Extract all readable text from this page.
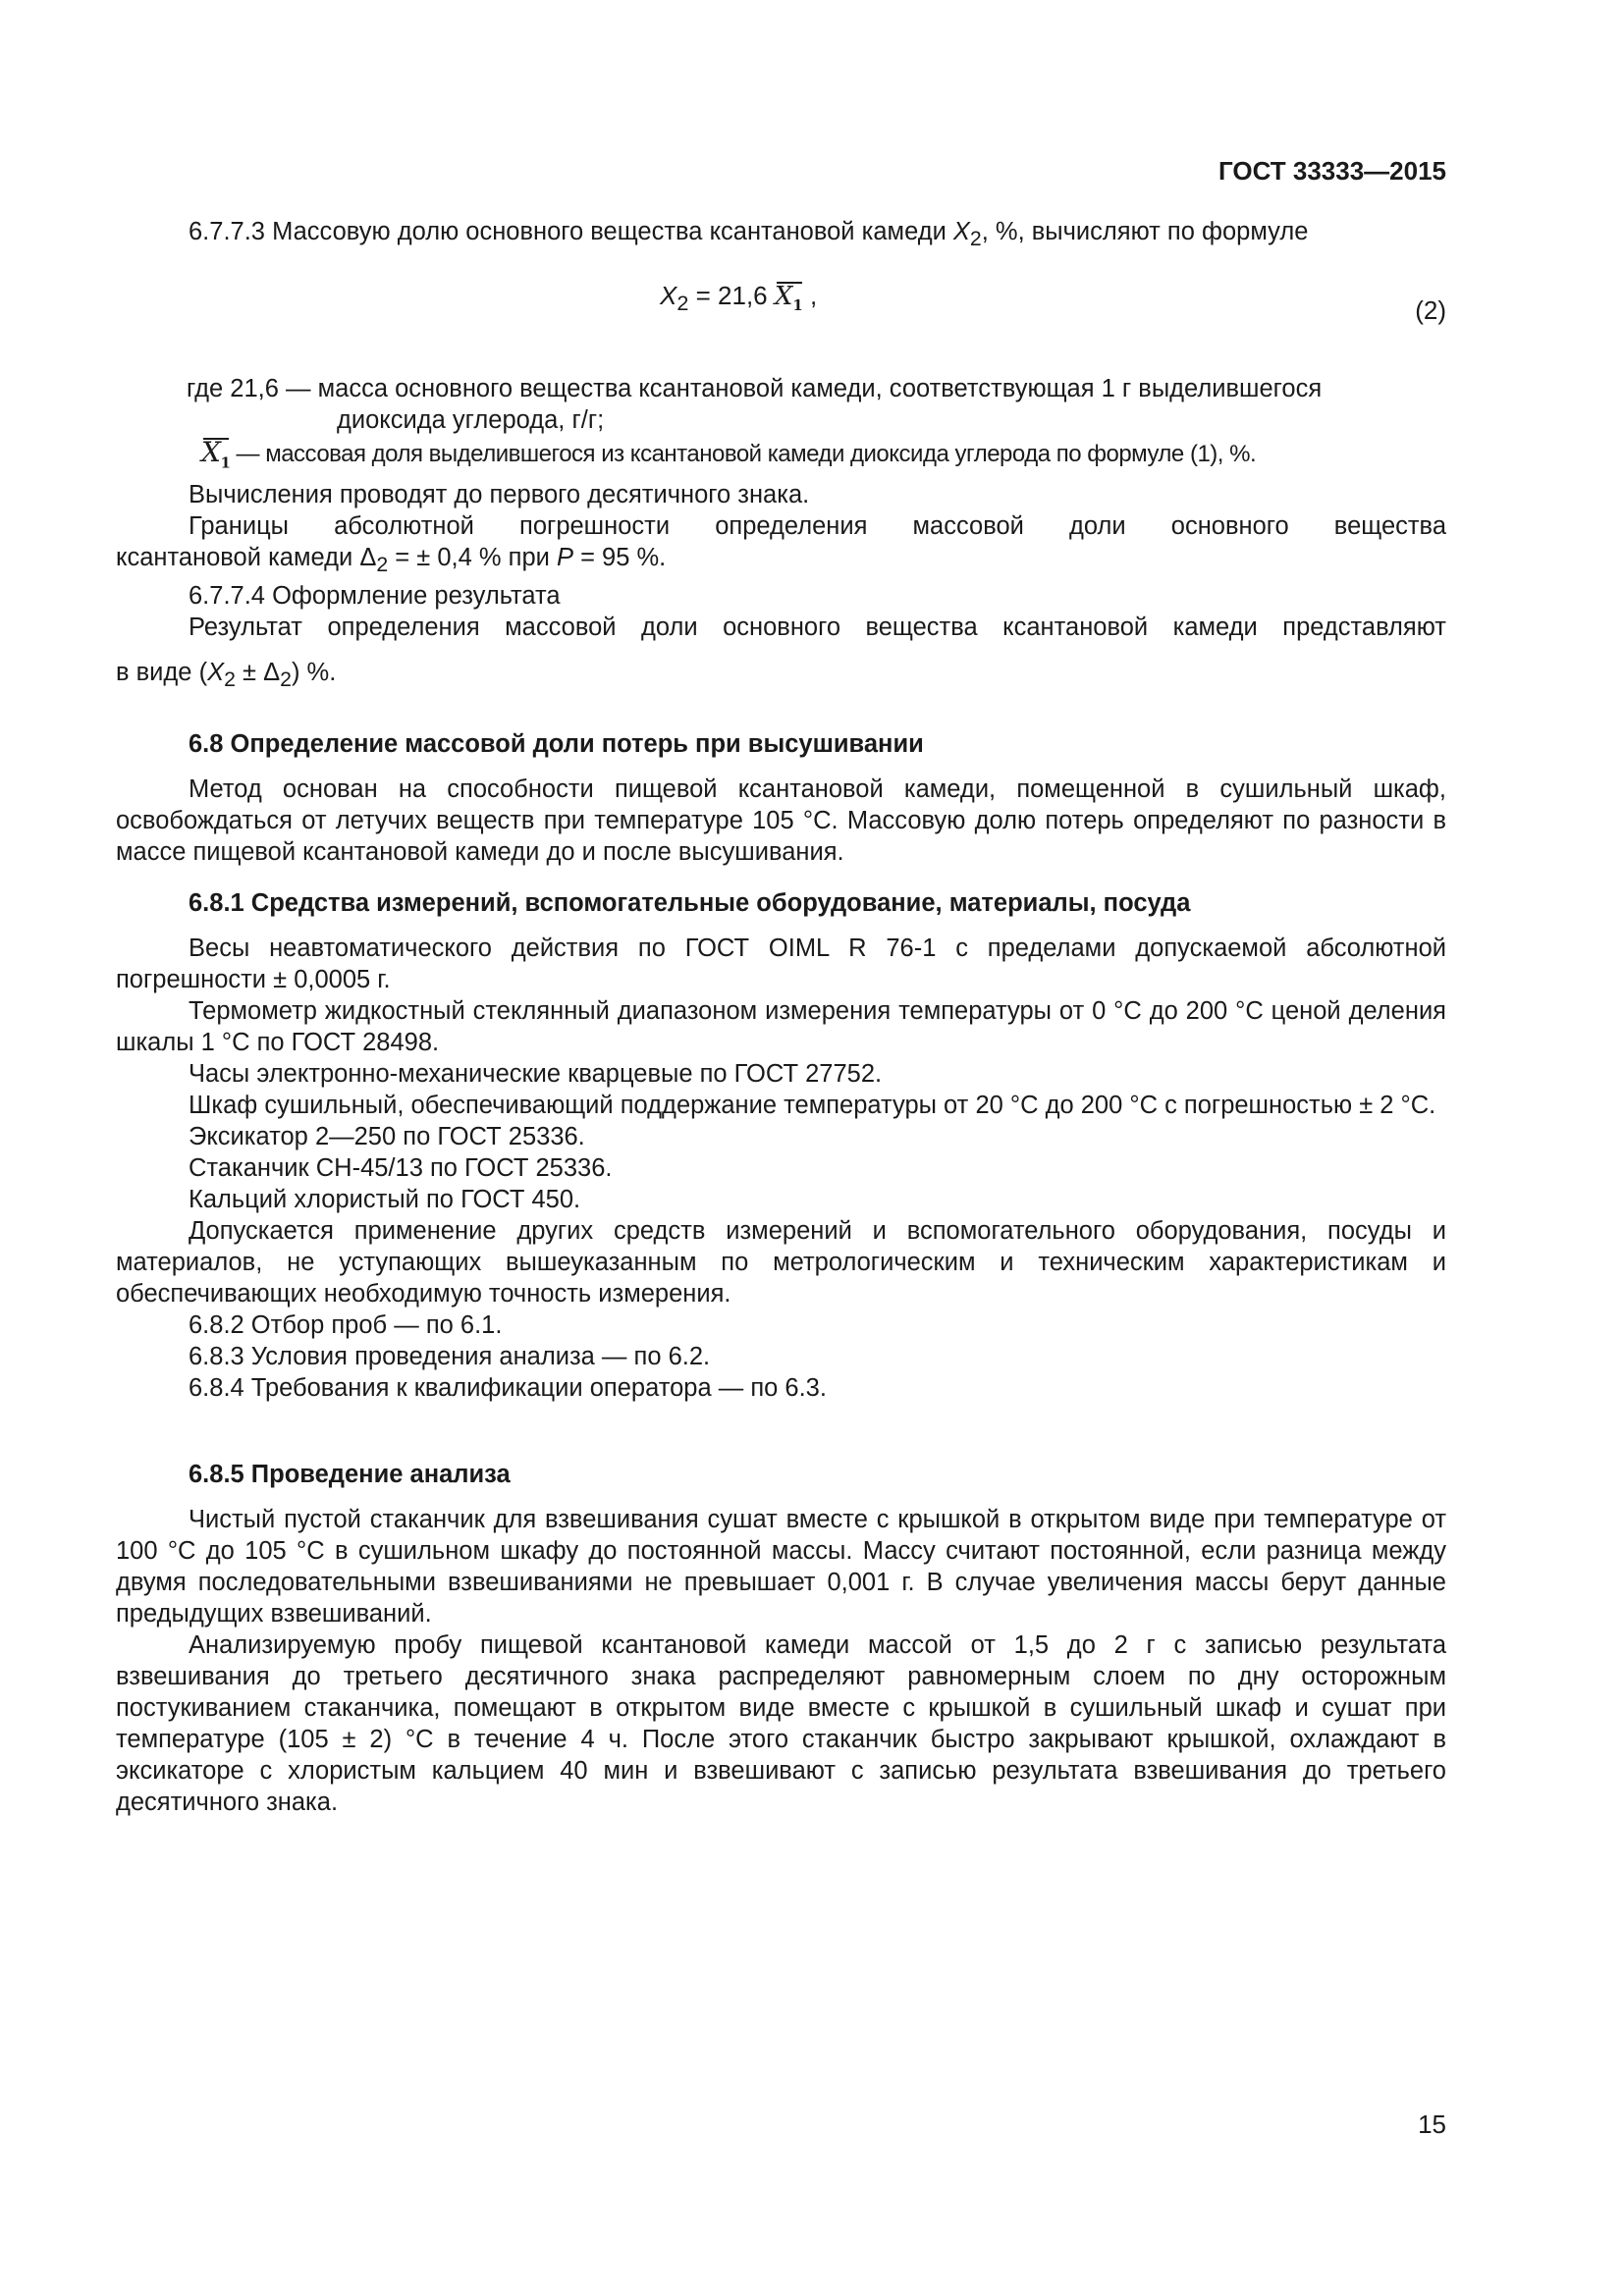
ГОСТ 33333—2015

6.7.7.3 Массовую долю основного вещества ксантановой камеди $X_2$, %, вычисляют по формуле

$X_2 = 21,6$
$X_1$ ,	(2)
где 21,6 — масса основного вещества ксантановой камеди, соответствующая 1 г выделившегося
диоксида углерода, г/г;
$X_1$ — массовая доля выделившегося из ксантановой камеди диоксида углерода по формуле (1), %.

Вычисления проводят до первого десятичного знака.

Границы абсолютной погрешности определения массовой доли основного вещества

ксантановой камеди $\Delta_2$ = ± 0,4 % при P = 95 %.

6.7.7.4 Оформление результата

Результат определения массовой доли основного вещества ксантановой камеди представляют

в виде $(X_2 \pm \Delta_2)$ %.

6.8 Определение массовой доли потерь при высушивании

Метод основан на способности пищевой ксантановой камеди, помещенной в сушильный шкаф, освобождаться от летучих веществ при температуре 105 °С. Массовую долю потерь определяют по разности в массе пищевой ксантановой камеди до и после высушивания.

6.8.1 Средства измерений, вспомогательные оборудование, материалы, посуда

Весы неавтоматического действия по ГОСТ OIML R 76-1 с пределами допускаемой абсолютной погрешности ± 0,0005 г.

Термометр жидкостный стеклянный диапазоном измерения температуры от 0 °С до 200 °С ценой деления шкалы 1 °С по ГОСТ 28498.

Часы электронно-механические кварцевые по ГОСТ 27752.

Шкаф сушильный, обеспечивающий поддержание температуры от 20 °С до 200 °С с погрешностью ± 2 °С.

Эксикатор 2—250 по ГОСТ 25336.

Стаканчик СН-45/13 по ГОСТ 25336.

Кальций хлористый по ГОСТ 450.

Допускается применение других средств измерений и вспомогательного оборудования, посуды и материалов, не уступающих вышеуказанным по метрологическим и техническим характеристикам и обеспечивающих необходимую точность измерения.

6.8.2 Отбор проб — по 6.1.

6.8.3 Условия проведения анализа — по 6.2.

6.8.4 Требования к квалификации оператора — по 6.3.

6.8.5 Проведение анализа

Чистый пустой стаканчик для взвешивания сушат вместе с крышкой в открытом виде при температуре от 100 °С до 105 °С в сушильном шкафу до постоянной массы. Массу считают постоянной, если разница между двумя последовательными взвешиваниями не превышает 0,001 г. В случае увеличения массы берут данные предыдущих взвешиваний.

Анализируемую пробу пищевой ксантановой камеди массой от 1,5 до 2 г с записью результата взвешивания до третьего десятичного знака распределяют равномерным слоем по дну осторожным постукиванием стаканчика, помещают в открытом виде вместе с крышкой в сушильный шкаф и сушат при температуре (105 ± 2) °С в течение 4 ч. После этого стаканчик быстро закрывают крышкой, охлаждают в эксикаторе с хлористым кальцием 40 мин и взвешивают с записью результата взвешивания до третьего десятичного знака.

15
